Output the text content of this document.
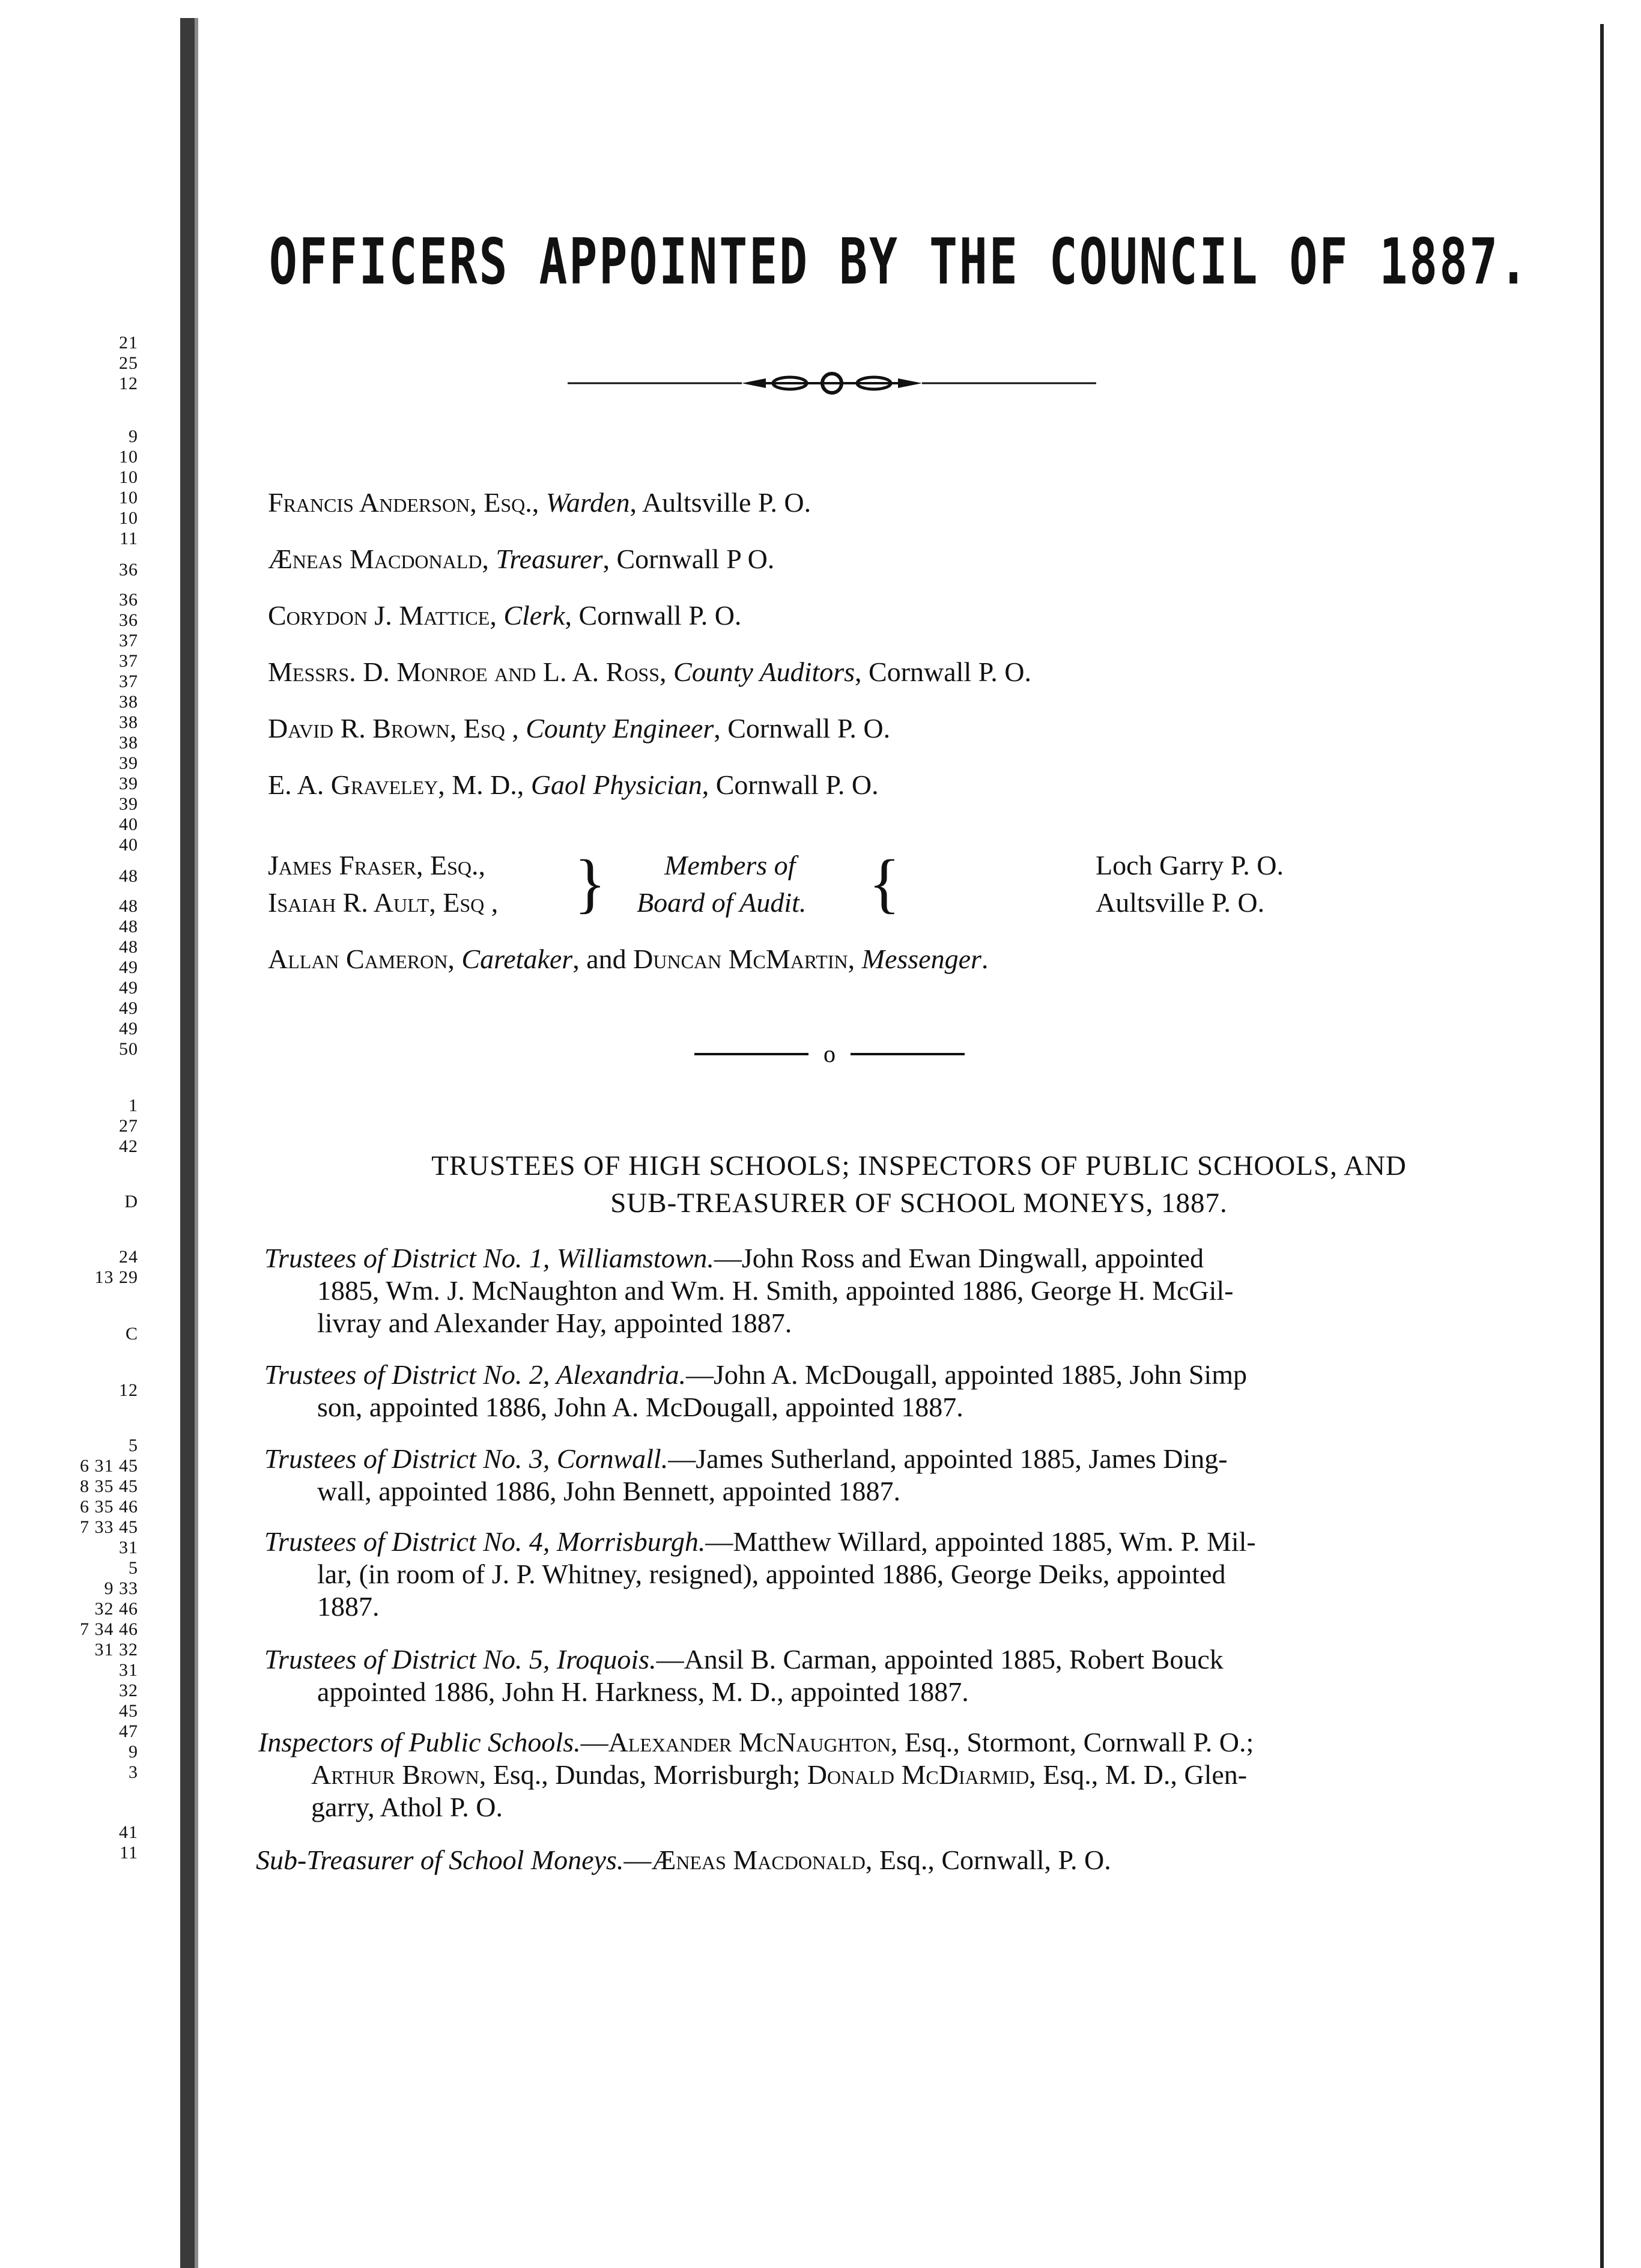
21
25
12
9
10
10
10
10
11
36
36
36
37
37
37
38
38
38
39
39
39
40
40
48
48
48
48
49
49
49
49
50
1
27
42
D
24
13 29
C
12
5
6 31 45
8 35 45
6 35 46
7 33 45
31
5
9 33
32 46
7 34 46
31 32
31
32
45
47
9
3
41
11
OFFICERS APPOINTED BY THE COUNCIL OF 1887.
Francis Anderson, Esq., Warden, Aultsville P. O.
Æneas Macdonald, Treasurer, Cornwall P O.
Corydon J. Mattice, Clerk, Cornwall P. O.
Messrs. D. Monroe and L. A. Ross, County Auditors, Cornwall P. O.
David R. Brown, Esq , County Engineer, Cornwall P. O.
E. A. Graveley, M. D., Gaol Physician, Cornwall P. O.
James Fraser, Esq.,
Isaiah R. Ault, Esq , } Members of
Board of Audit. {	Loch Garry P. O.
Aultsville P. O.
Allan Cameron, Caretaker, and Duncan McMartin, Messenger.
o
TRUSTEES OF HIGH SCHOOLS; INSPECTORS OF PUBLIC SCHOOLS, AND
SUB-TREASURER OF SCHOOL MONEYS, 1887.
Trustees of District No. 1, Williamstown.—John Ross and Ewan Dingwall, appointed
1885, Wm. J. McNaughton and Wm. H. Smith, appointed 1886, George H. McGil-
livray and Alexander Hay, appointed 1887.
Trustees of District No. 2, Alexandria.—John A. McDougall, appointed 1885, John Simp
son, appointed 1886, John A. McDougall, appointed 1887.
Trustees of District No. 3, Cornwall.—James Sutherland, appointed 1885, James Ding-
wall, appointed 1886, John Bennett, appointed 1887.
Trustees of District No. 4, Morrisburgh.—Matthew Willard, appointed 1885, Wm. P. Mil-
lar, (in room of J. P. Whitney, resigned), appointed 1886, George Deiks, appointed
1887.
Trustees of District No. 5, Iroquois.—Ansil B. Carman, appointed 1885, Robert Bouck
appointed 1886, John H. Harkness, M. D., appointed 1887.
Inspectors of Public Schools.—Alexander McNaughton, Esq., Stormont, Cornwall P. O.;
Arthur Brown, Esq., Dundas, Morrisburgh; Donald McDiarmid, Esq., M. D., Glen-
garry, Athol P. O.
Sub-Treasurer of School Moneys.—Æneas Macdonald, Esq., Cornwall, P. O.
